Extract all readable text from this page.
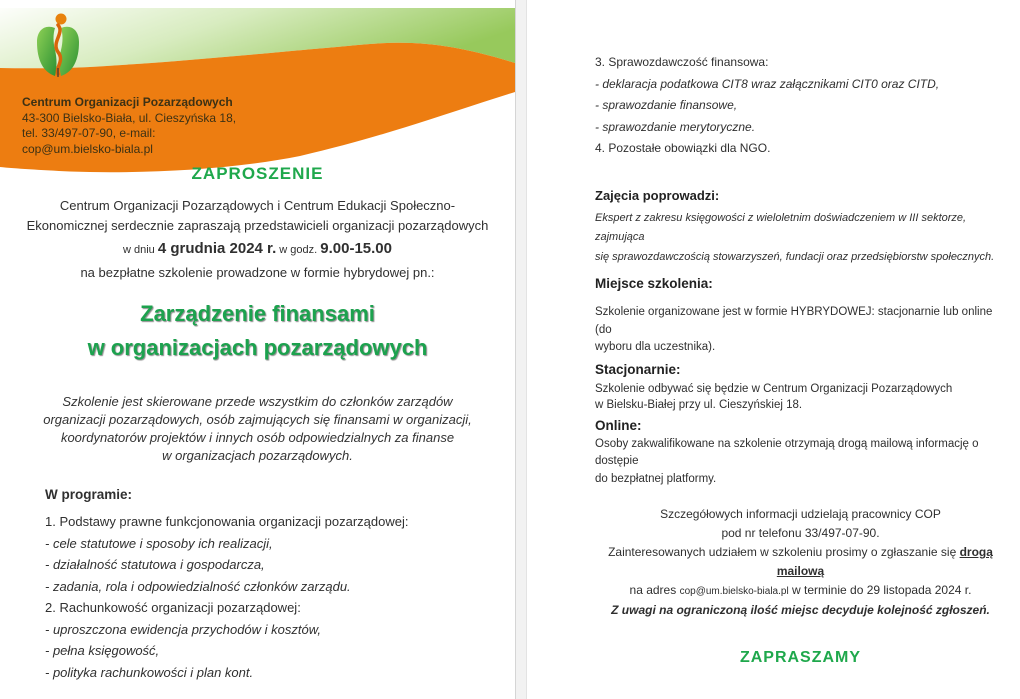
Centrum Organizacji Pozarządowych
43-300 Bielsko-Biała, ul. Cieszyńska 18,
tel. 33/497-07-90, e-mail:
cop@um.bielsko-biala.pl
ZAPROSZENIE
Centrum Organizacji Pozarządowych i Centrum Edukacji Społeczno-
Ekonomicznej serdecznie zapraszają przedstawicieli organizacji pozarządowych
w dniu 4 grudnia 2024 r. w godz. 9.00-15.00
na bezpłatne szkolenie prowadzone w formie hybrydowej pn.:
Zarządzenie finansami
w organizacjach pozarządowych
Szkolenie jest skierowane przede wszystkim do członków zarządów
organizacji pozarządowych, osób zajmujących się finansami w organizacji,
koordynatorów projektów i innych osób odpowiedzialnych za finanse
w organizacjach pozarządowych.
W programie:
1. Podstawy prawne funkcjonowania organizacji pozarządowej:
- cele statutowe i sposoby ich realizacji,
- działalność statutowa i gospodarcza,
- zadania, rola i odpowiedzialność członków zarządu.
2. Rachunkowość organizacji pozarządowej:
- uproszczona ewidencja przychodów i kosztów,
- pełna księgowość,
- polityka rachunkowości i plan kont.
3. Sprawozdawczość finansowa:
- deklaracja podatkowa CIT8 wraz załącznikami CIT0 oraz CITD,
- sprawozdanie finansowe,
- sprawozdanie merytoryczne.
4. Pozostałe obowiązki dla NGO.
Zajęcia poprowadzi:
Ekspert z zakresu księgowości z wieloletnim doświadczeniem w III sektorze, zajmująca
się sprawozdawczością stowarzyszeń, fundacji oraz przedsiębiorstw społecznych.
Miejsce szkolenia:
Szkolenie organizowane jest w formie HYBRYDOWEJ: stacjonarnie lub online (do
wyboru dla uczestnika).
Stacjonarnie:
Szkolenie odbywać się będzie w Centrum Organizacji Pozarządowych
w Bielsku-Białej przy ul. Cieszyńskiej 18.
Online:
Osoby zakwalifikowane na szkolenie otrzymają drogą mailową informację o dostępie
do bezpłatnej platformy.
Szczegółowych informacji udzielają pracownicy COP
pod nr telefonu 33/497-07-90.
Zainteresowanych udziałem w szkoleniu prosimy o zgłaszanie się drogą mailową
na adres cop@um.bielsko-biala.pl w terminie do 29 listopada 2024 r.
Z uwagi na ograniczoną ilość miejsc decyduje kolejność zgłoszeń.
ZAPRASZAMY
